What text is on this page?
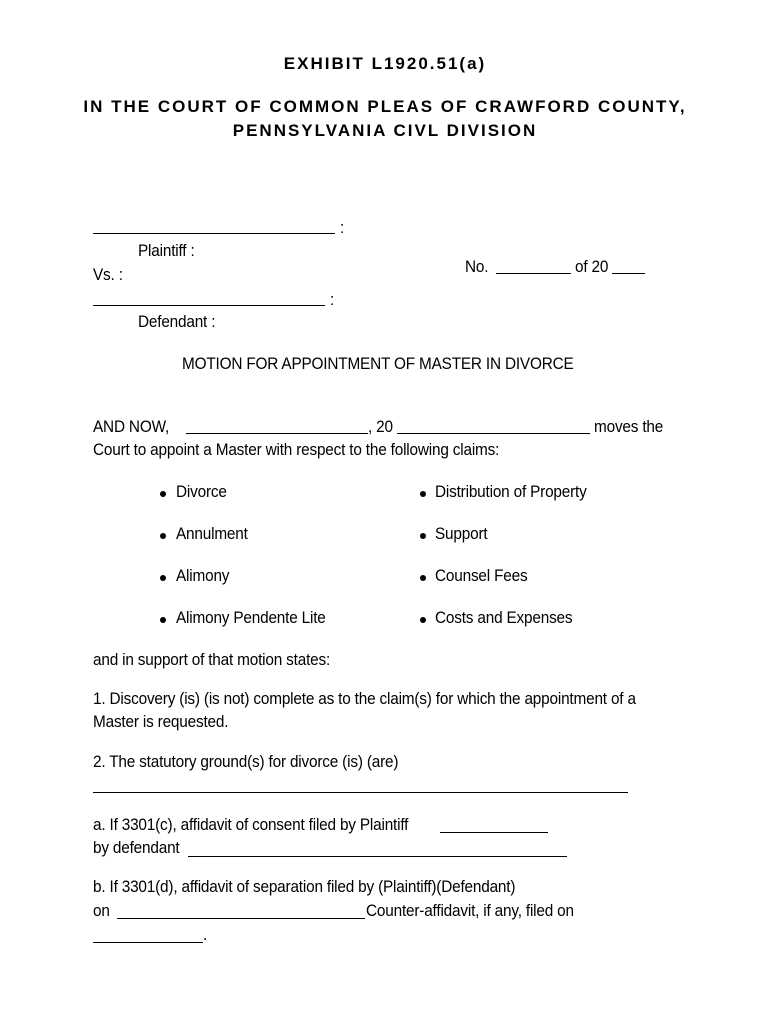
EXHIBIT L1920.51(a)
IN THE COURT OF COMMON PLEAS OF CRAWFORD COUNTY,
PENNSYLVANIA CIVL DIVISION
:
Plaintiff :
Vs. :	No.	of 20
:
Defendant :
MOTION FOR APPOINTMENT OF MASTER IN DIVORCE
AND NOW,	, 20	moves the
Court to appoint a Master with respect to the following claims:
Divorce
Annulment
Alimony
Alimony Pendente Lite
Distribution of Property
Support
Counsel Fees
Costs and Expenses
and in support of that motion states:
1. Discovery (is) (is not) complete as to the claim(s) for which the appointment of a
Master is requested.
2. The statutory ground(s) for divorce (is) (are)
a. If 3301(c), affidavit of consent filed by Plaintiff
by defendant
b. If 3301(d), affidavit of separation filed by (Plaintiff)(Defendant)
on	Counter-affidavit, if any, filed on
.
